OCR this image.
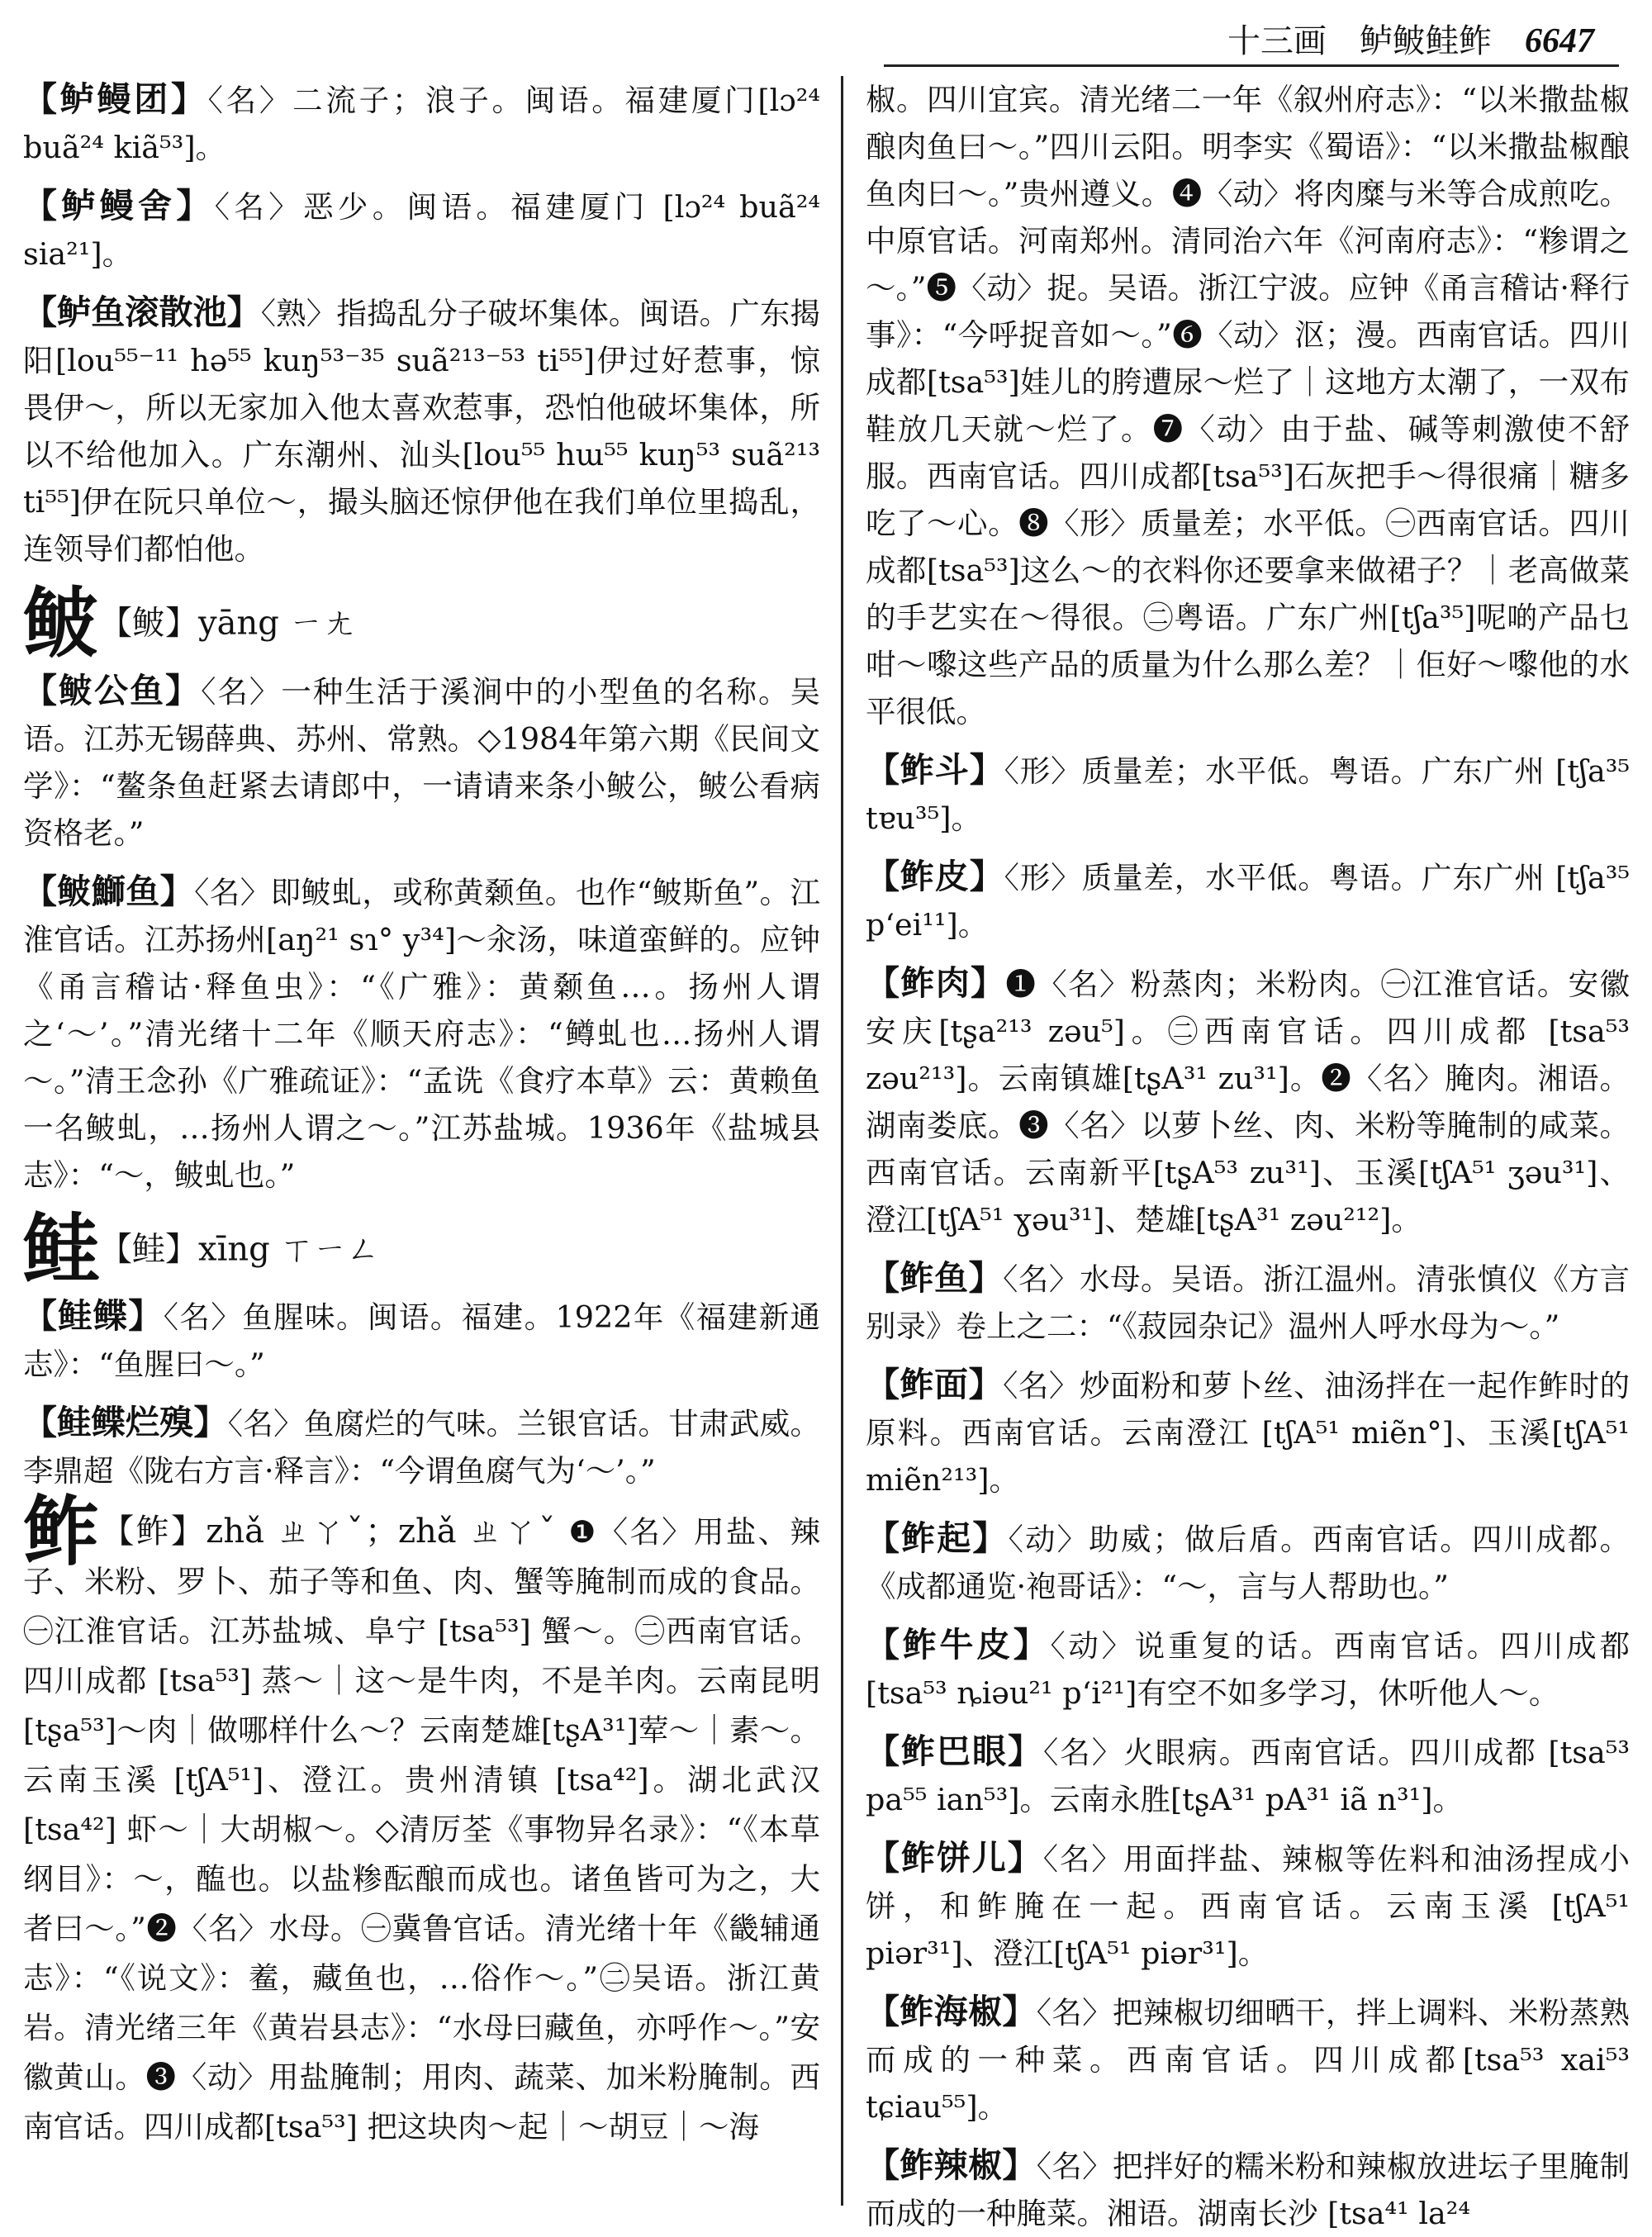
十三画 鲈鲏鲑鲊 6647

【鲈鳗团】〈名〉二流子；浪子。闽语。福建厦门[lɔ²⁴ buã²⁴ kiã⁵³]。

【鲈鳗舍】〈名〉恶少。闽语。福建厦门 [lɔ²⁴ buã²⁴ sia²¹]。

【鲈鱼滚散池】〈熟〉指捣乱分子破坏集体。闽语。广东揭阳[lou⁵⁵⁻¹¹ hə⁵⁵ kuŋ⁵³⁻³⁵ suã²¹³⁻⁵³ ti⁵⁵]伊过好惹事，惊畏伊～，所以无家加入他太喜欢惹事，恐怕他破坏集体，所以不给他加入。广东潮州、汕头[lou⁵⁵ hɯ⁵⁵ kuŋ⁵³ suã²¹³ ti⁵⁵]伊在阮只单位～，撮头脑还惊伊他在我们单位里捣乱，连领导们都怕他。

鲏【鲏】yāng ㄧㄤ

【鲏公鱼】〈名〉一种生活于溪涧中的小型鱼的名称。吴语。江苏无锡薛典、苏州、常熟。◇1984年第六期《民间文学》：“鳌条鱼赶紧去请郎中，一请请来条小鲏公，鲏公看病资格老。”

【鲏鰤鱼】〈名〉即鲏虬，或称黄颡鱼。也作“鲏斯鱼”。江淮官话。江苏扬州[aŋ²¹ sɿ° y³⁴]～汆汤，味道蛮鲜的。应钟《甬言稽诂·释鱼虫》：“《广雅》：黄颡鱼…。扬州人谓之‘～’。”清光绪十二年《顺天府志》：“鳟虬也…扬州人谓～。”清王念孙《广雅疏证》：“孟诜《食疗本草》云：黄赖鱼一名鲏虬，…扬州人谓之～。”江苏盐城。1936年《盐城县志》：“～，鲏虬也。”

鲑【鲑】xīng ㄒㄧㄥ

【鲑鲽】〈名〉鱼腥味。闽语。福建。1922年《福建新通志》：“鱼腥曰～。”

【鲑鲽烂殠】〈名〉鱼腐烂的气味。兰银官话。甘肃武威。李鼎超《陇右方言·释言》：“今谓鱼腐气为‘～’。”

鲊【鲊】zhǎ ㄓㄚˇ；zhǎ ㄓㄚˇ ❶〈名〉用盐、辣子、米粉、罗卜、茄子等和鱼、肉、蟹等腌制而成的食品。㊀江淮官话。江苏盐城、阜宁 [tsa⁵³] 蟹～。㊁西南官话。四川成都 [tsa⁵³] 蒸～｜这～是牛肉，不是羊肉。云南昆明[tʂa⁵³]～肉｜做哪样什么～？云南楚雄[tʂA³¹]荤～｜素～。云南玉溪 [tʃA⁵¹]、澄江。贵州清镇 [tsa⁴²]。湖北武汉 [tsa⁴²] 虾～｜大胡椒～。◇清厉荃《事物异名录》：“《本草纲目》：～，醢也。以盐糁酝酿而成也。诸鱼皆可为之，大者曰～。”❷〈名〉水母。㊀冀鲁官话。清光绪十年《畿辅通志》：“《说文》：鲝，藏鱼也，…俗作～。”㊁吴语。浙江黄岩。清光绪三年《黄岩县志》：“水母曰藏鱼，亦呼作～。”安徽黄山。❸〈动〉用盐腌制；用肉、蔬菜、加米粉腌制。西南官话。四川成都[tsa⁵³] 把这块肉～起｜～胡豆｜～海

椒。四川宜宾。清光绪二一年《叙州府志》：“以米撒盐椒酿肉鱼曰～。”四川云阳。明李实《蜀语》：“以米撒盐椒酿鱼肉曰～。”贵州遵义。❹〈动〉将肉糜与米等合成煎吃。中原官话。河南郑州。清同治六年《河南府志》：“糁谓之～。”❺〈动〉捉。吴语。浙江宁波。应钟《甬言稽诂·释行事》：“今呼捉音如～。”❻〈动〉沤；漫。西南官话。四川成都[tsa⁵³]娃儿的胯遭尿～烂了｜这地方太潮了，一双布鞋放几天就～烂了。❼〈动〉由于盐、碱等刺激使不舒服。西南官话。四川成都[tsa⁵³]石灰把手～得很痛｜糖多吃了～心。❽〈形〉质量差；水平低。㊀西南官话。四川成都[tsa⁵³]这么～的衣料你还要拿来做裙子？｜老高做菜的手艺实在～得很。㊁粤语。广东广州[tʃa³⁵]呢啲产品乜咁～嚟这些产品的质量为什么那么差？｜佢好～嚟他的水平很低。

【鲊斗】〈形〉质量差；水平低。粤语。广东广州 [tʃa³⁵ tɐu³⁵]。

【鲊皮】〈形〉质量差，水平低。粤语。广东广州 [tʃa³⁵ p‘ei¹¹]。

【鲊肉】❶〈名〉粉蒸肉；米粉肉。㊀江淮官话。安徽安庆[tʂa²¹³ zəu⁵]。㊁西南官话。四川成都 [tsa⁵³ zəu²¹³]。云南镇雄[tʂA³¹ zu³¹]。❷〈名〉腌肉。湘语。湖南娄底。❸〈名〉以萝卜丝、肉、米粉等腌制的咸菜。西南官话。云南新平[tʂA⁵³ zu³¹]、玉溪[tʃA⁵¹ ʒəu³¹]、澄江[tʃA⁵¹ ɣəu³¹]、楚雄[tʂA³¹ zəu²¹²]。

【鲊鱼】〈名〉水母。吴语。浙江温州。清张慎仪《方言别录》卷上之二：“《菽园杂记》温州人呼水母为～。”

【鲊面】〈名〉炒面粉和萝卜丝、油汤拌在一起作鲊时的原料。西南官话。云南澄江 [tʃA⁵¹ miẽn°]、玉溪[tʃA⁵¹ miẽn²¹³]。

【鲊起】〈动〉助威；做后盾。西南官话。四川成都。《成都通览·袍哥话》：“～，言与人帮助也。”

【鲊牛皮】〈动〉说重复的话。西南官话。四川成都[tsa⁵³ ȵiəu²¹ p‘i²¹]有空不如多学习，休听他人～。

【鲊巴眼】〈名〉火眼病。西南官话。四川成都 [tsa⁵³ pa⁵⁵ ian⁵³]。云南永胜[tʂA³¹ pA³¹ iã n³¹]。

【鲊饼儿】〈名〉用面拌盐、辣椒等佐料和油汤捏成小饼，和鲊腌在一起。西南官话。云南玉溪 [tʃA⁵¹ piər³¹]、澄江[tʃA⁵¹ piər³¹]。

【鲊海椒】〈名〉把辣椒切细晒干，拌上调料、米粉蒸熟而成的一种菜。西南官话。四川成都[tsa⁵³ xai⁵³ tɕiau⁵⁵]。

【鲊辣椒】〈名〉把拌好的糯米粉和辣椒放进坛子里腌制而成的一种腌菜。湘语。湖南长沙 [tsa⁴¹ la²⁴
